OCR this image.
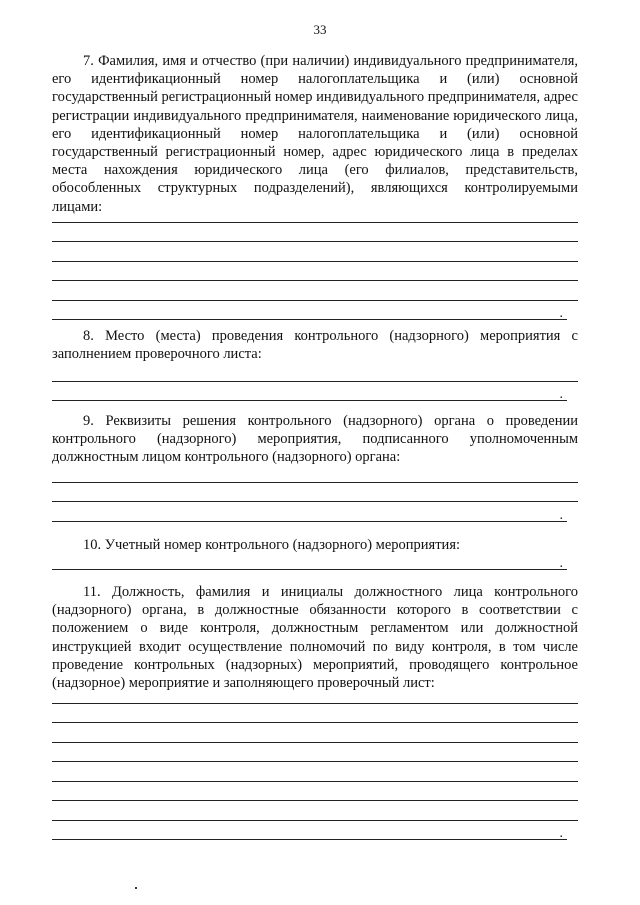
33

7. Фамилия, имя и отчество (при наличии) индивидуального предпринимателя, его идентификационный номер налогоплательщика и (или) основной государственный регистрационный номер индивидуального предпринимателя, адрес регистрации индивидуального предпринимателя, наименование юридического лица, его идентификационный номер налогоплательщика и (или) основной государственный регистрационный номер, адрес юридического лица в пределах места нахождения юридического лица (его филиалов, представительств, обособленных структурных подразделений), являющихся контролируемыми лицами:

.

8. Место (места) проведения контрольного (надзорного) мероприятия с заполнением проверочного листа:

.

9. Реквизиты решения контрольного (надзорного) органа о проведении контрольного (надзорного) мероприятия, подписанного уполномоченным должностным лицом контрольного (надзорного) органа:

.

10. Учетный номер контрольного (надзорного) мероприятия:

.

11. Должность, фамилия и инициалы должностного лица контрольного (надзорного) органа, в должностные обязанности которого в соответствии с положением о виде контроля, должностным регламентом или должностной инструкцией входит осуществление полномочий по виду контроля, в том числе проведение контрольных (надзорных) мероприятий, проводящего контрольное (надзорное) мероприятие и заполняющего проверочный лист:

.
